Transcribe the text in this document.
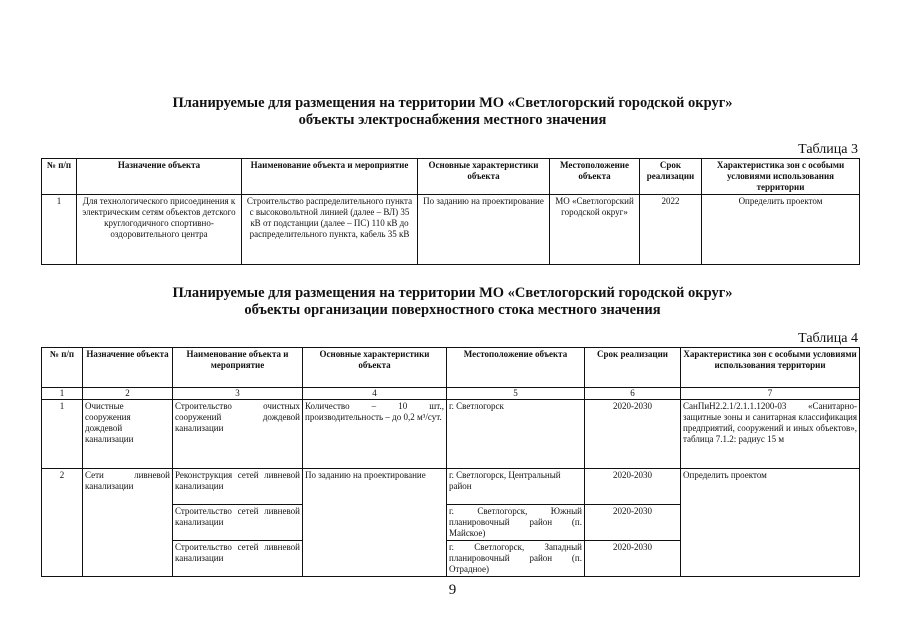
Планируемые для размещения на территории МО «Светлогорский городской округ»
объекты электроснабжения местного значения
Таблица 3
№ п/п	Назначение объекта	Наименование объекта и мероприятие	Основные характеристики объекта	Местоположение объекта	Срок реализации	Характеристика зон с особыми условиями использования территории
1	Для технологического присоединения к электрическим сетям объектов детского круглогодичного спортивно-оздоровительного центра	Строительство распределительного пункта с высоковольтной линией (далее – ВЛ) 35 кВ от подстанции (далее – ПС) 110 кВ до распределительного пункта, кабель 35 кВ	По заданию на проектирование	МО «Светлогорский городской округ»	2022	Определить проектом
Планируемые для размещения на территории МО «Светлогорский городской округ»
объекты организации поверхностного стока местного значения
Таблица 4
№ п/п	Назначение объекта	Наименование объекта и мероприятие	Основные характеристики объекта	Местоположение объекта	Срок реализации	Характеристика зон с особыми условиями использования территории
1	2	3	4	5	6	7
1	Очистные сооружения дождевой канализации	Строительство очистных сооружений дождевой канализации	Количество – 10 шт., производительность – до 0,2 м³/сут.	г. Светлогорск	2020-2030	СанПиН2.2.1/2.1.1.1200-03 «Санитарно-защитные зоны и санитарная классификация предприятий, сооружений и иных объектов», таблица 7.1.2: радиус 15 м
2	Сети ливневой канализации	Реконструкция сетей ливневой канализации	По заданию на проектирование	г. Светлогорск, Центральный район	2020-2030	Определить проектом
		Строительство сетей ливневой канализации		г. Светлогорск, Южный планировочный район (п. Майское)	2020-2030	
		Строительство сетей ливневой канализации		г. Светлогорск, Западный планировочный район (п. Отрадное)	2020-2030	
9
